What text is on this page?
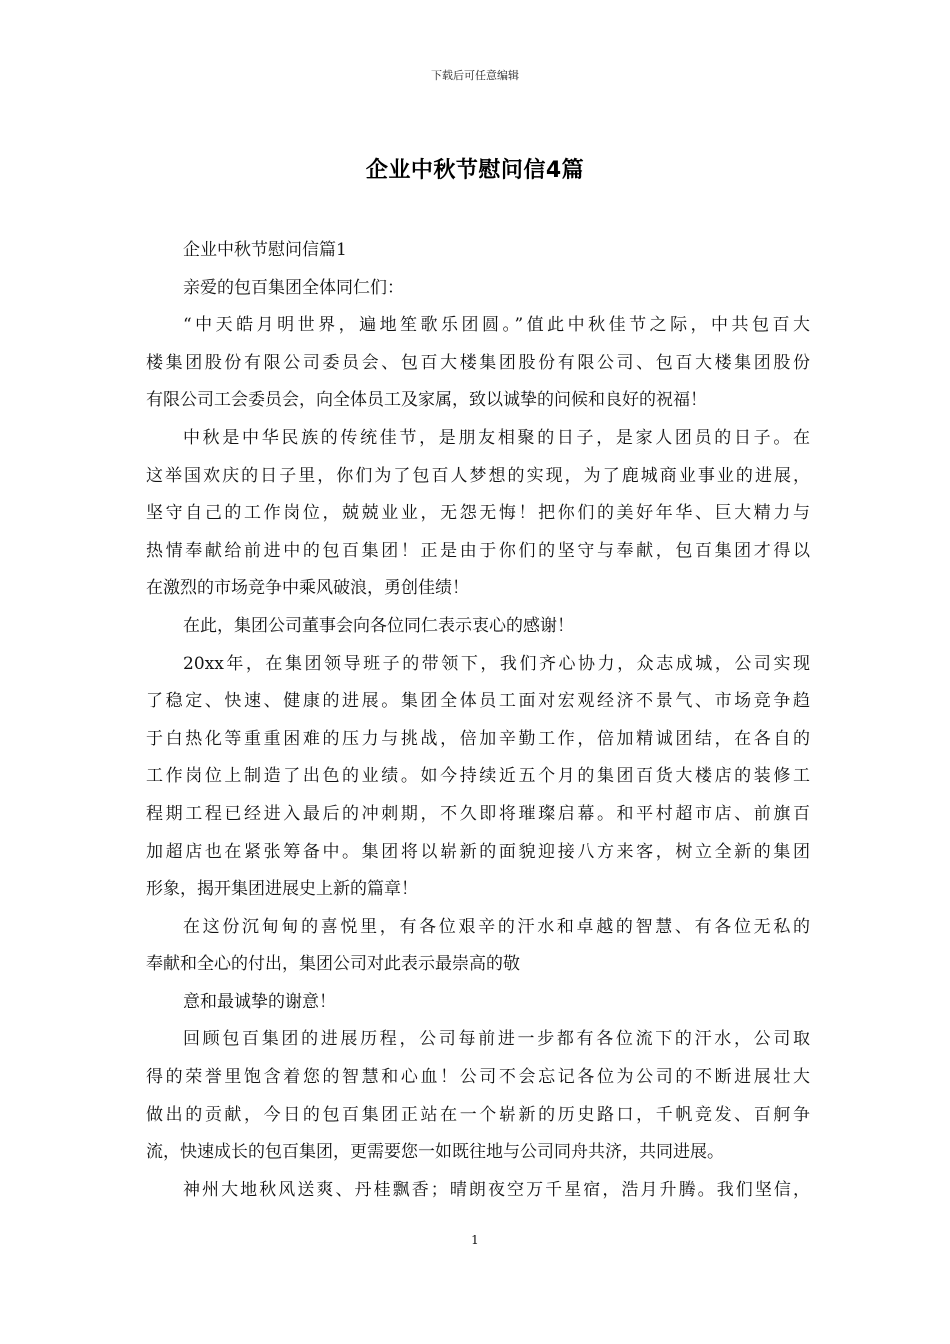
下载后可任意编辑
企业中秋节慰问信4篇
企业中秋节慰问信篇1
亲爱的包百集团全体同仁们：
“中天皓月明世界，遍地笙歌乐团圆。”值此中秋佳节之际，中共包百大
楼集团股份有限公司委员会、包百大楼集团股份有限公司、包百大楼集团股份
有限公司工会委员会，向全体员工及家属，致以诚挚的问候和良好的祝福！
中秋是中华民族的传统佳节，是朋友相聚的日子，是家人团员的日子。在
这举国欢庆的日子里，你们为了包百人梦想的实现，为了鹿城商业事业的进展，
坚守自己的工作岗位，兢兢业业，无怨无悔！把你们的美好年华、巨大精力与
热情奉献给前进中的包百集团！正是由于你们的坚守与奉献，包百集团才得以
在激烈的市场竞争中乘风破浪，勇创佳绩！
在此，集团公司董事会向各位同仁表示衷心的感谢！
20xx年，在集团领导班子的带领下，我们齐心协力，众志成城，公司实现
了稳定、快速、健康的进展。集团全体员工面对宏观经济不景气、市场竞争趋
于白热化等重重困难的压力与挑战，倍加辛勤工作，倍加精诚团结，在各自的
工作岗位上制造了出色的业绩。如今持续近五个月的集团百货大楼店的装修工
程期工程已经进入最后的冲刺期，不久即将璀璨启幕。和平村超市店、前旗百
加超店也在紧张筹备中。集团将以崭新的面貌迎接八方来客，树立全新的集团
形象，揭开集团进展史上新的篇章！
在这份沉甸甸的喜悦里，有各位艰辛的汗水和卓越的智慧、有各位无私的
奉献和全心的付出，集团公司对此表示最崇高的敬
意和最诚挚的谢意！
回顾包百集团的进展历程，公司每前进一步都有各位流下的汗水，公司取
得的荣誉里饱含着您的智慧和心血！公司不会忘记各位为公司的不断进展壮大
做出的贡献，今日的包百集团正站在一个崭新的历史路口，千帆竞发、百舸争
流，快速成长的包百集团，更需要您一如既往地与公司同舟共济，共同进展。
神州大地秋风送爽、丹桂飘香；晴朗夜空万千星宿，浩月升腾。我们坚信，
1
